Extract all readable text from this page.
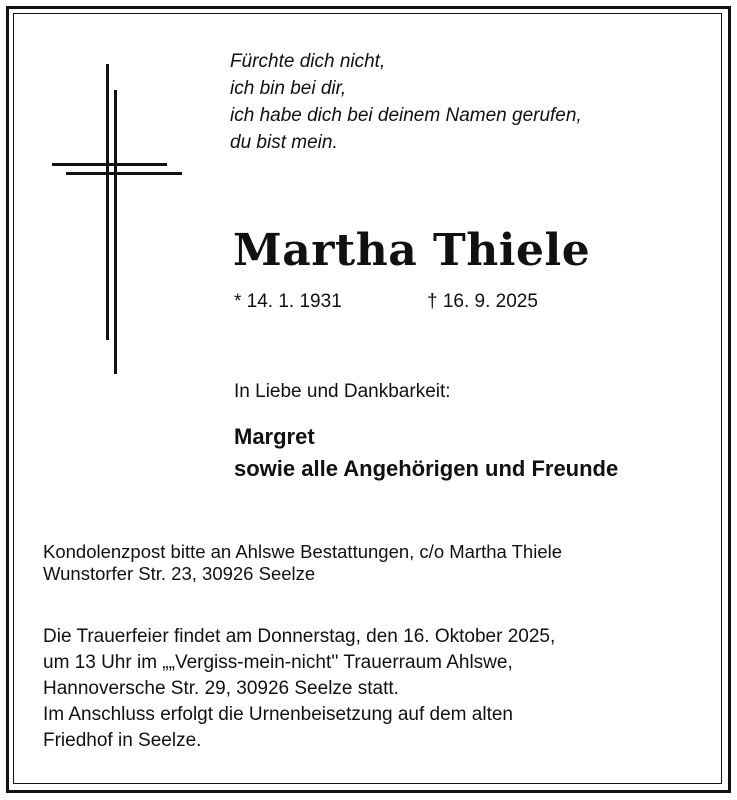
Fürchte dich nicht,
ich bin bei dir,
ich habe dich bei deinem Namen gerufen,
du bist mein.
Martha Thiele
* 14. 1. 1931	† 16. 9. 2025
In Liebe und Dankbarkeit:
Margret
sowie alle Angehörigen und Freunde
Kondolenzpost bitte an Ahlswe Bestattungen, c/o Martha Thiele
Wunstorfer Str. 23, 30926 Seelze
Die Trauerfeier findet am Donnerstag, den 16. Oktober 2025,
um 13 Uhr im „„Vergiss-mein-nicht'' Trauerraum Ahlswe,
Hannoversche Str. 29, 30926 Seelze statt.
Im Anschluss erfolgt die Urnenbeisetzung auf dem alten
Friedhof in Seelze.
